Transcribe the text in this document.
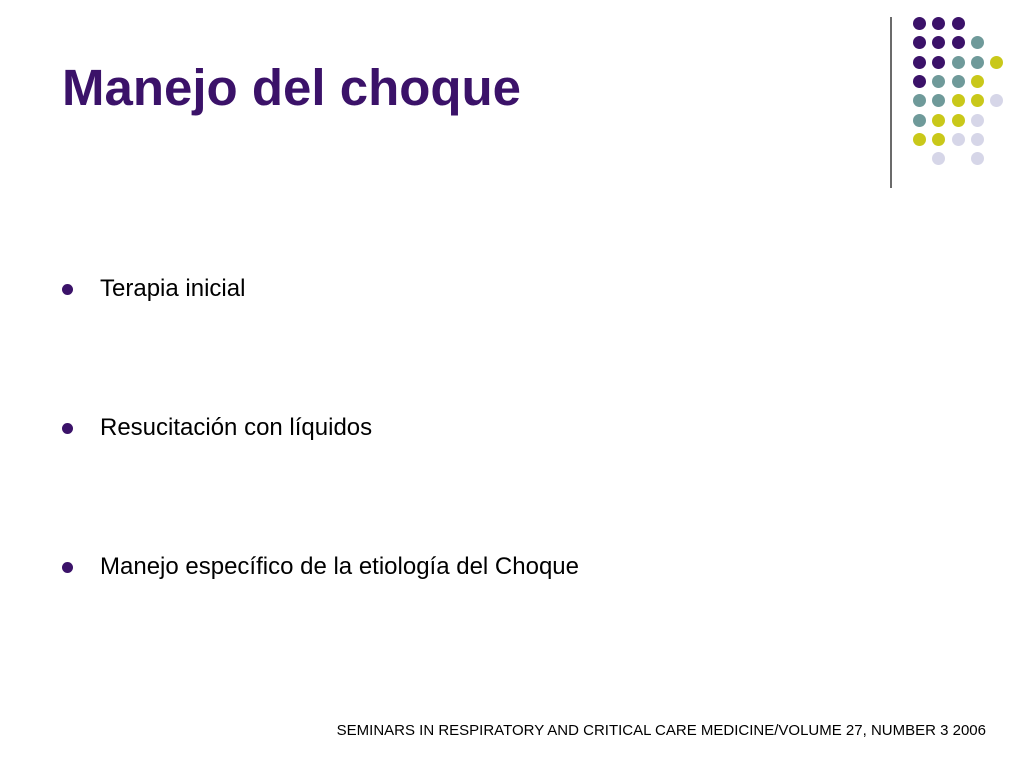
Manejo del choque
Terapia inicial
Resucitación con líquidos
Manejo específico de la etiología del Choque
SEMINARS IN RESPIRATORY AND CRITICAL CARE MEDICINE/VOLUME 27, NUMBER 3 2006
